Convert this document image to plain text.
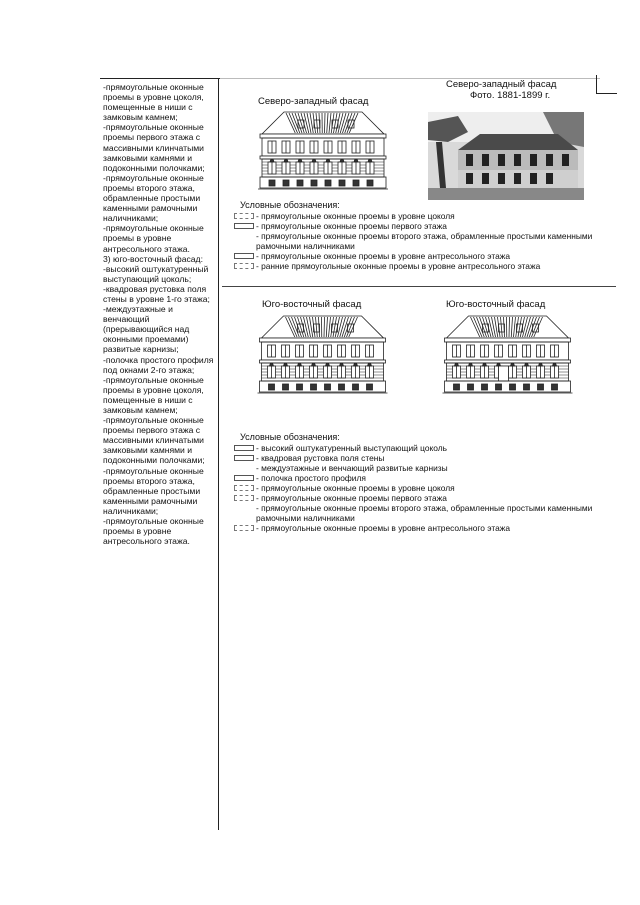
-прямоугольные оконные проемы в уровне цоколя, помещенные в ниши с замковым камнем;
-прямоугольные оконные проемы первого этажа с массивными клинчатыми замковыми камнями и подоконными полочками;
-прямоугольные оконные проемы второго этажа, обрамленные простыми каменными рамочными наличниками;
-прямоугольные оконные проемы в уровне антресольного этажа.
3) юго-восточный фасад:
-высокий оштукатуренный выступающий цоколь;
-квадровая рустовка поля стены в уровне 1-го этажа;
-междуэтажные и венчающий (прерывающийся над оконными проемами) развитые карнизы;
-полочка простого профиля под окнами 2-го этажа;
-прямоугольные оконные проемы в уровне цоколя, помещенные в ниши с замковым камнем;
-прямоугольные оконные проемы первого этажа с массивными клинчатыми замковыми камнями и подоконными полочками;
-прямоугольные оконные проемы второго этажа, обрамленные простыми каменными рамочными наличниками;
-прямоугольные оконные проемы в уровне антресольного этажа.
Северо-западный фасад
Северо-западный фасад
Фото. 1881-1899 г.
Условные обозначения:
- прямоугольные оконные проемы в уровне цоколя
- прямоугольные оконные проемы первого этажа
- прямоугольные оконные проемы второго этажа, обрамленные простыми каменными рамочными наличниками
- прямоугольные оконные проемы в уровне антресольного этажа
- ранние прямоугольные оконные проемы в уровне антресольного этажа
Юго-восточный фасад	Юго-восточный фасад
Условные обозначения:
- высокий оштукатуренный выступающий цоколь
- квадровая рустовка поля стены
- междуэтажные и венчающий развитые карнизы
- полочка простого профиля
- прямоугольные оконные проемы в уровне цоколя
- прямоугольные оконные проемы первого этажа
- прямоугольные оконные проемы второго этажа, обрамленные простыми каменными рамочными наличниками
- прямоугольные оконные проемы в уровне антресольного этажа
